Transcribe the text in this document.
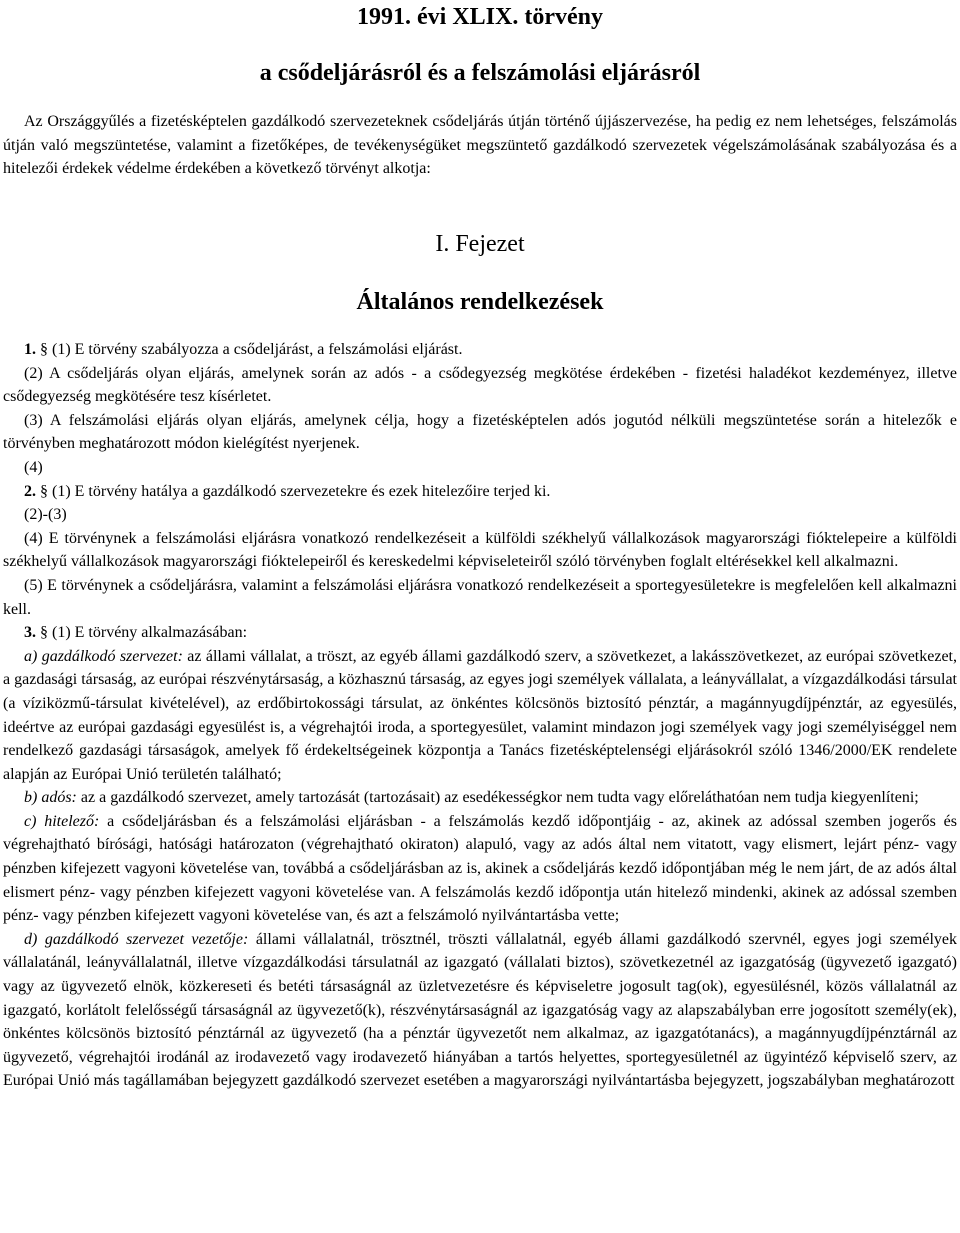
1991. évi XLIX. törvény
a csődeljárásról és a felszámolási eljárásról

Az Országgyűlés a fizetésképtelen gazdálkodó szervezeteknek csődeljárás útján történő újjászervezése, ha pedig ez nem lehetséges, felszámolás útján való megszüntetése, valamint a fizetőképes, de tevékenységüket megszüntető gazdálkodó szervezetek végelszámolásának szabályozása és a hitelezői érdekek védelme érdekében a következő törvényt alkotja:

I. Fejezet
Általános rendelkezések

1. § (1) E törvény szabályozza a csődeljárást, a felszámolási eljárást.

(2) A csődeljárás olyan eljárás, amelynek során az adós - a csődegyezség megkötése érdekében - fizetési haladékot kezdeményez, illetve csődegyezség megkötésére tesz kísérletet.

(3) A felszámolási eljárás olyan eljárás, amelynek célja, hogy a fizetésképtelen adós jogutód nélküli megszüntetése során a hitelezők e törvényben meghatározott módon kielégítést nyerjenek.

(4)

2. § (1) E törvény hatálya a gazdálkodó szervezetekre és ezek hitelezőire terjed ki.

(2)-(3)

(4) E törvénynek a felszámolási eljárásra vonatkozó rendelkezéseit a külföldi székhelyű vállalkozások magyarországi fióktelepeire a külföldi székhelyű vállalkozások magyarországi fióktelepeiről és kereskedelmi képviseleteiről szóló törvényben foglalt eltérésekkel kell alkalmazni.

(5) E törvénynek a csődeljárásra, valamint a felszámolási eljárásra vonatkozó rendelkezéseit a sportegyesületekre is megfelelően kell alkalmazni kell.

3. § (1) E törvény alkalmazásában:

a) gazdálkodó szervezet: az állami vállalat, a tröszt, az egyéb állami gazdálkodó szerv, a szövetkezet, a lakásszövetkezet, az európai szövetkezet, a gazdasági társaság, az európai részvénytársaság, a közhasznú társaság, az egyes jogi személyek vállalata, a leányvállalat, a vízgazdálkodási társulat (a víziközmű-társulat kivételével), az erdőbirtokossági társulat, az önkéntes kölcsönös biztosító pénztár, a magánnyugdíjpénztár, az egyesülés, ideértve az európai gazdasági egyesülést is, a végrehajtói iroda, a sportegyesület, valamint mindazon jogi személyek vagy jogi személyiséggel nem rendelkező gazdasági társaságok, amelyek fő érdekeltségeinek központja a Tanács fizetésképtelenségi eljárásokról szóló 1346/2000/EK rendelete alapján az Európai Unió területén található;

b) adós: az a gazdálkodó szervezet, amely tartozását (tartozásait) az esedékességkor nem tudta vagy előreláthatóan nem tudja kiegyenlíteni;

c) hitelező: a csődeljárásban és a felszámolási eljárásban - a felszámolás kezdő időpontjáig - az, akinek az adóssal szemben jogerős és végrehajtható bírósági, hatósági határozaton (végrehajtható okiraton) alapuló, vagy az adós által nem vitatott, vagy elismert, lejárt pénz- vagy pénzben kifejezett vagyoni követelése van, továbbá a csődeljárásban az is, akinek a csődeljárás kezdő időpontjában még le nem járt, de az adós által elismert pénz- vagy pénzben kifejezett vagyoni követelése van. A felszámolás kezdő időpontja után hitelező mindenki, akinek az adóssal szemben pénz- vagy pénzben kifejezett vagyoni követelése van, és azt a felszámoló nyilvántartásba vette;

d) gazdálkodó szervezet vezetője: állami vállalatnál, trösztnél, tröszti vállalatnál, egyéb állami gazdálkodó szervnél, egyes jogi személyek vállalatánál, leányvállalatnál, illetve vízgazdálkodási társulatnál az igazgató (vállalati biztos), szövetkezetnél az igazgatóság (ügyvezető igazgató) vagy az ügyvezető elnök, közkereseti és betéti társaságnál az üzletvezetésre és képviseletre jogosult tag(ok), egyesülésnél, közös vállalatnál az igazgató, korlátolt felelősségű társaságnál az ügyvezető(k), részvénytársaságnál az igazgatóság vagy az alapszabályban erre jogosított személy(ek), önkéntes kölcsönös biztosító pénztárnál az ügyvezető (ha a pénztár ügyvezetőt nem alkalmaz, az igazgatótanács), a magánnyugdíjpénztárnál az ügyvezető, végrehajtói irodánál az irodavezető vagy irodavezető hiányában a tartós helyettes, sportegyesületnél az ügyintéző képviselő szerv, az Európai Unió más tagállamában bejegyzett gazdálkodó szervezet esetében a magyarországi nyilvántartásba bejegyzett, jogszabályban meghatározott
